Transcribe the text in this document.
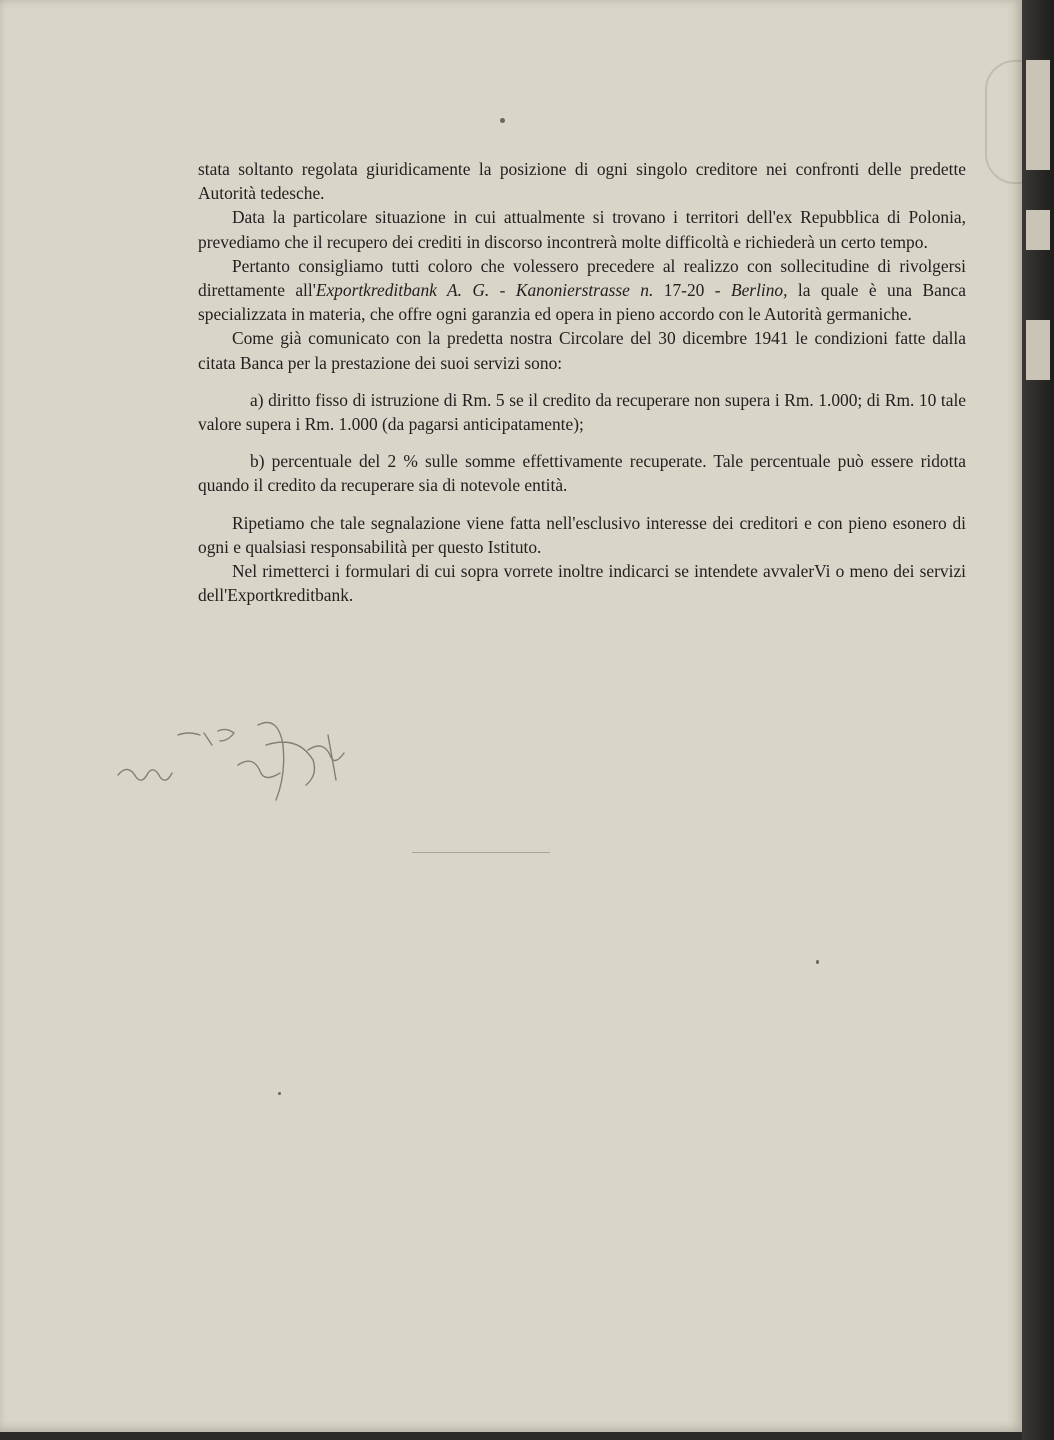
stata soltanto regolata giuridicamente la posizione di ogni singolo creditore nei confronti delle predette Autorità tedesche.

Data la particolare situazione in cui attualmente si trovano i territori dell'ex Repubblica di Polonia, prevediamo che il recupero dei crediti in discorso incontrerà molte difficoltà e richiederà un certo tempo.

Pertanto consigliamo tutti coloro che volessero precedere al realizzo con sollecitudine di rivolgersi direttamente all'Exportkreditbank A. G. - Kanonierstrasse n. 17-20 - Berlino, la quale è una Banca specializzata in materia, che offre ogni garanzia ed opera in pieno accordo con le Autorità germaniche.

Come già comunicato con la predetta nostra Circolare del 30 dicembre 1941 le condizioni fatte dalla citata Banca per la prestazione dei suoi servizi sono:

a) diritto fisso di istruzione di Rm. 5 se il credito da recuperare non supera i Rm. 1.000; di Rm. 10 tale valore supera i Rm. 1.000 (da pagarsi anticipatamente);

b) percentuale del 2 % sulle somme effettivamente recuperate. Tale percentuale può essere ridotta quando il credito da recuperare sia di notevole entità.

Ripetiamo che tale segnalazione viene fatta nell'esclusivo interesse dei creditori e con pieno esonero di ogni e qualsiasi responsabilità per questo Istituto.

Nel rimetterci i formulari di cui sopra vorrete inoltre indicarci se intendete avvalerVi o meno dei servizi dell'Exportkreditbank.
